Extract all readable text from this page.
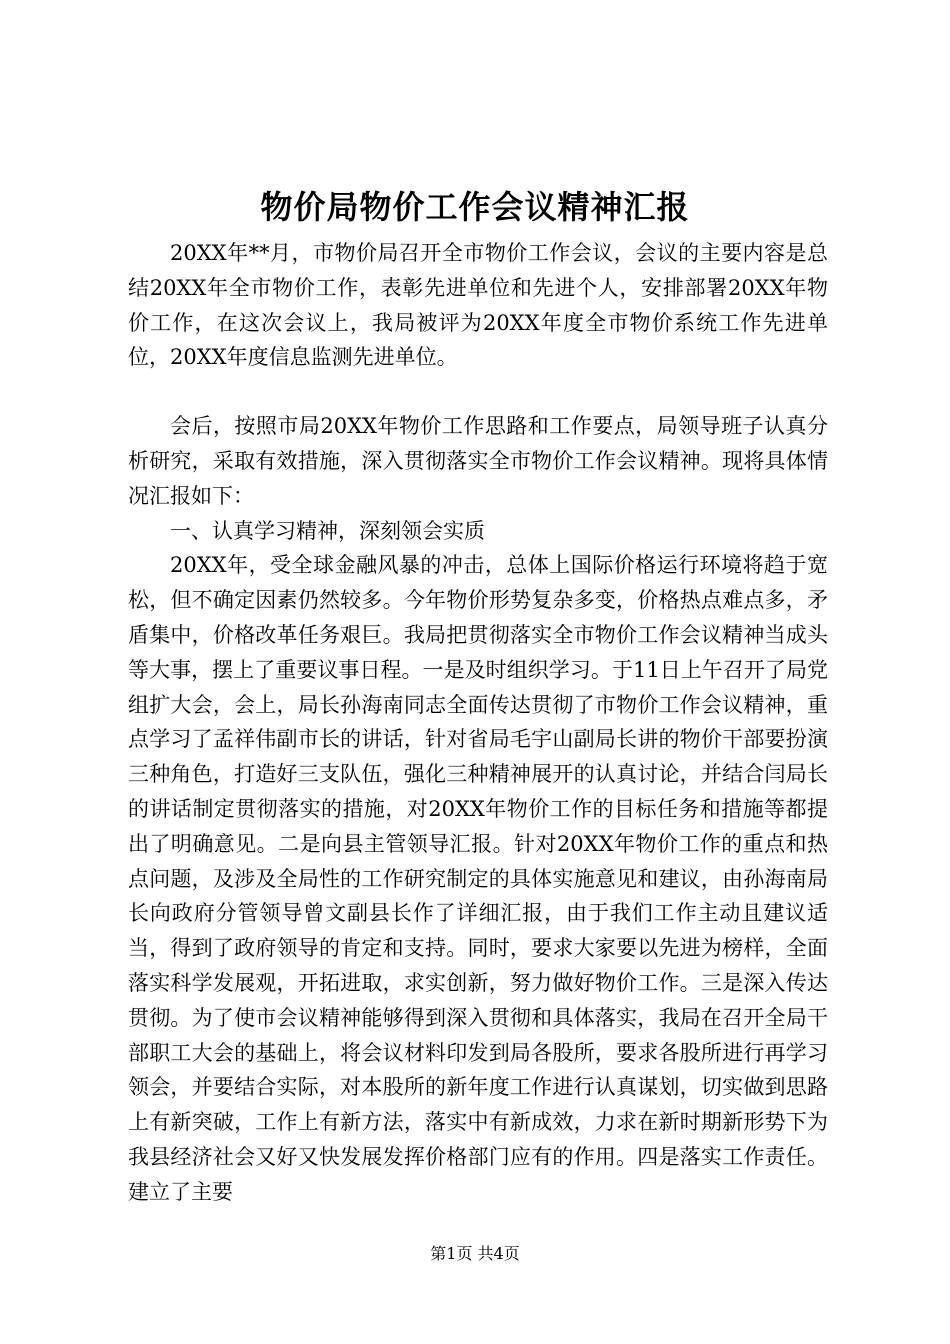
物价局物价工作会议精神汇报

20XX年**月，市物价局召开全市物价工作会议，会议的主要内容是总结20XX年全市物价工作，表彰先进单位和先进个人，安排部署20XX年物价工作，在这次会议上，我局被评为20XX年度全市物价系统工作先进单位，20XX年度信息监测先进单位。

会后，按照市局20XX年物价工作思路和工作要点，局领导班子认真分析研究，采取有效措施，深入贯彻落实全市物价工作会议精神。现将具体情况汇报如下：

一、认真学习精神，深刻领会实质

20XX年，受全球金融风暴的冲击，总体上国际价格运行环境将趋于宽松，但不确定因素仍然较多。今年物价形势复杂多变，价格热点难点多，矛盾集中，价格改革任务艰巨。我局把贯彻落实全市物价工作会议精神当成头等大事，摆上了重要议事日程。一是及时组织学习。于11日上午召开了局党组扩大会，会上，局长孙海南同志全面传达贯彻了市物价工作会议精神，重点学习了孟祥伟副市长的讲话，针对省局毛宇山副局长讲的物价干部要扮演三种角色，打造好三支队伍，强化三种精神展开的认真讨论，并结合闫局长的讲话制定贯彻落实的措施，对20XX年物价工作的目标任务和措施等都提出了明确意见。二是向县主管领导汇报。针对20XX年物价工作的重点和热点问题，及涉及全局性的工作研究制定的具体实施意见和建议，由孙海南局长向政府分管领导曾文副县长作了详细汇报，由于我们工作主动且建议适当，得到了政府领导的肯定和支持。同时，要求大家要以先进为榜样，全面落实科学发展观，开拓进取，求实创新，努力做好物价工作。三是深入传达贯彻。为了使市会议精神能够得到深入贯彻和具体落实，我局在召开全局干部职工大会的基础上，将会议材料印发到局各股所，要求各股所进行再学习领会，并要结合实际，对本股所的新年度工作进行认真谋划，切实做到思路上有新突破，工作上有新方法，落实中有新成效，力求在新时期新形势下为我县经济社会又好又快发展发挥价格部门应有的作用。四是落实工作责任。建立了主要

第1页 共4页
